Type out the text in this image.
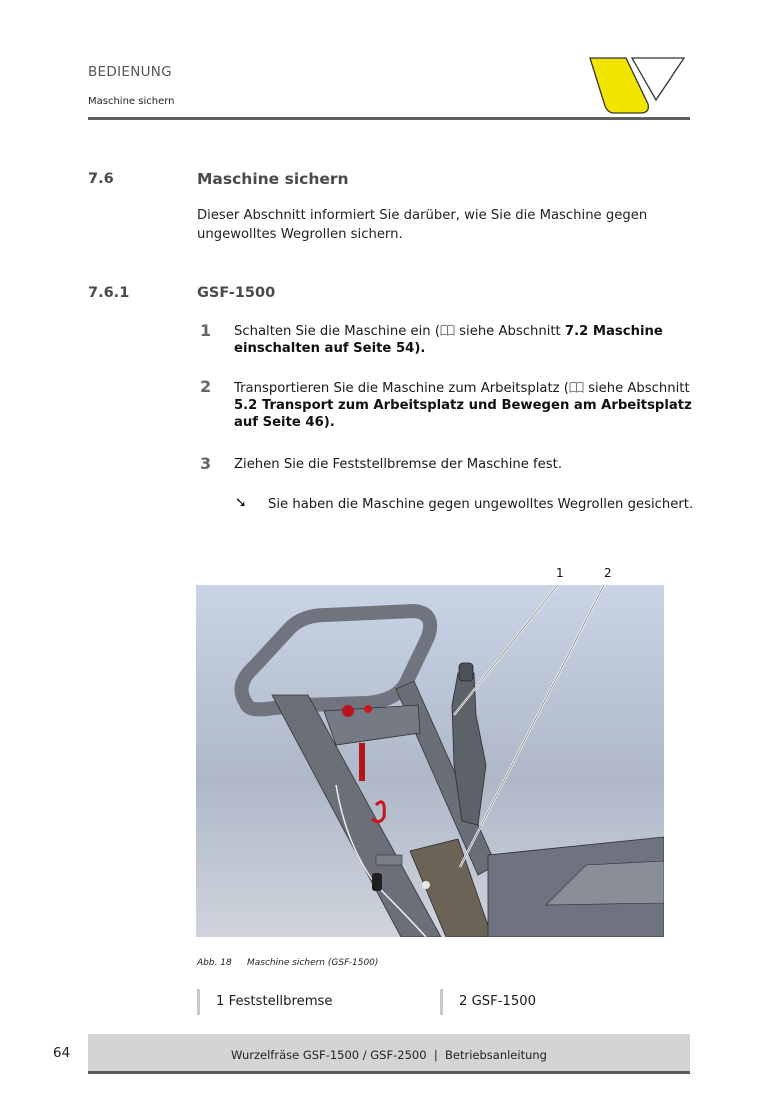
BEDIENUNG
Maschine sichern
7.6	Maschine sichern
Dieser Abschnitt informiert Sie darüber, wie Sie die Maschine gegen ungewolltes Wegrollen sichern.
7.6.1	GSF-1500
1 Schalten Sie die Maschine ein ( siehe Abschnitt 7.2 Maschine einschalten auf Seite 54).
2 Transportieren Sie die Maschine zum Arbeitsplatz ( siehe Abschnitt 5.2 Transport zum Arbeitsplatz und Bewegen am Arbeitsplatz auf Seite 46).
3 Ziehen Sie die Feststellbremse der Maschine fest.
➘ Sie haben die Maschine gegen ungewolltes Wegrollen gesichert.
1	2
Abb. 18 Maschine sichern (GSF-1500)
1 Feststellbremse	2 GSF-1500
64	Wurzelfräse GSF-1500 / GSF-2500  |  Betriebsanleitung
